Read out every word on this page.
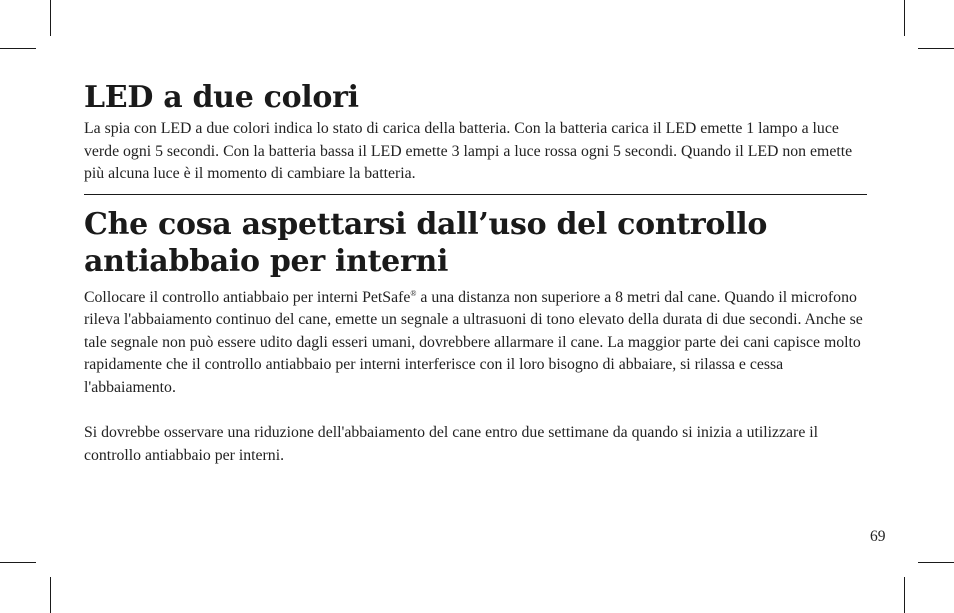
LED a due colori

La spia con LED a due colori indica lo stato di carica della batteria. Con la batteria carica il LED emette 1 lampo a luce verde ogni 5 secondi. Con la batteria bassa il LED emette 3 lampi a luce rossa ogni 5 secondi. Quando il LED non emette più alcuna luce è il momento di cambiare la batteria.

Che cosa aspettarsi dall’uso del controllo antiabbaio per interni

Collocare il controllo antiabbaio per interni PetSafe® a una distanza non superiore a 8 metri dal cane. Quando il microfono rileva l'abbaiamento continuo del cane, emette un segnale a ultrasuoni di tono elevato della durata di due secondi. Anche se tale segnale non può essere udito dagli esseri umani, dovrebbere allarmare il cane. La maggior parte dei cani capisce molto rapidamente che il controllo antiabbaio per interni interferisce con il loro bisogno di abbaiare, si rilassa e cessa l'abbaiamento.

Si dovrebbe osservare una riduzione dell'abbaiamento del cane entro due settimane da quando si inizia a utilizzare il controllo antiabbaio per interni.

69
